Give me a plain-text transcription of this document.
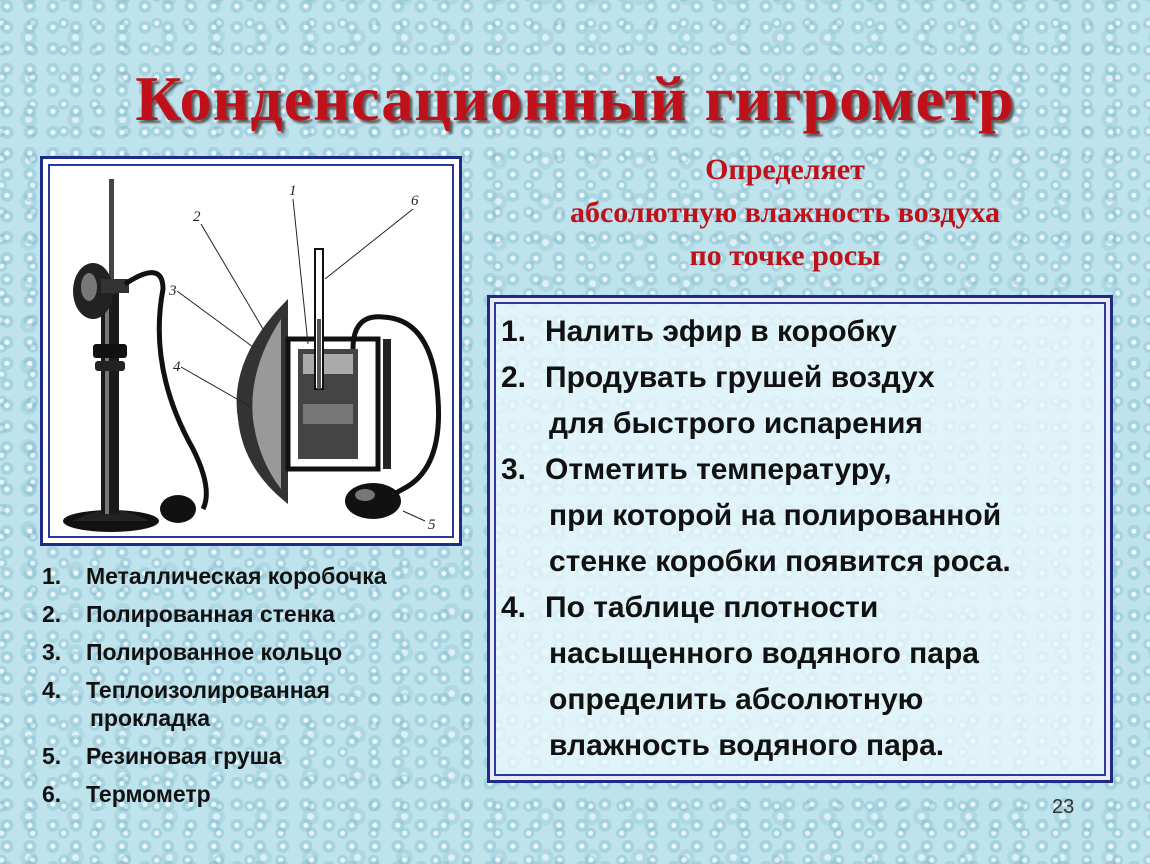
Конденсационный гигрометр
Определяет
абсолютную влажность воздуха
по точке росы
1
2
3
4
5
6
1.	Металлическая коробочка
2.	Полированная стенка
3.	Полированное кольцо
4.	Теплоизолированная
прокладка
5.	Резиновая груша
6.	Термометр
1. Налить эфир в коробку
2. Продувать грушей воздух
для быстрого испарения
3. Отметить температуру,
при которой на полированной
стенке коробки появится роса.
4. По таблице плотности
насыщенного водяного пара
определить абсолютную
влажность водяного пара.
23
